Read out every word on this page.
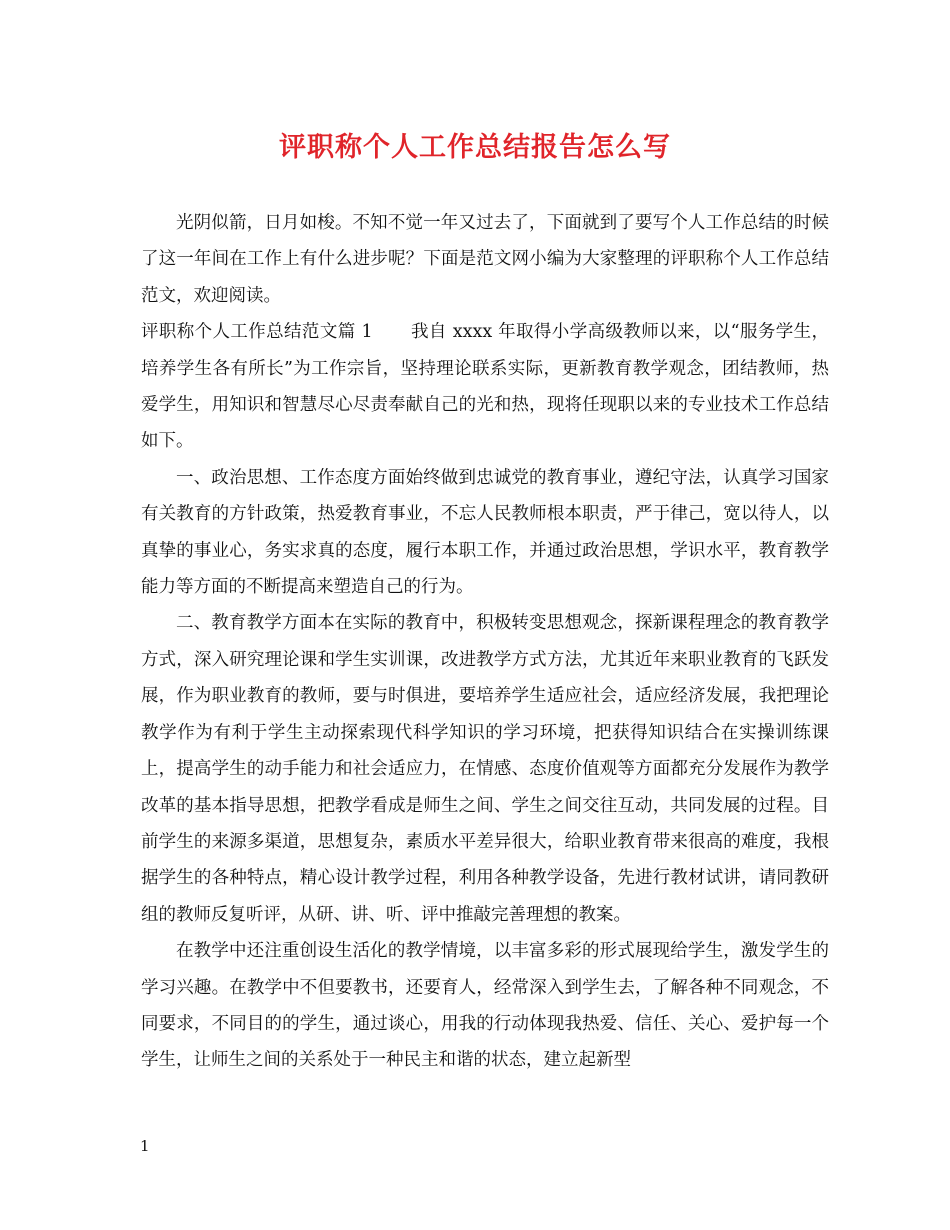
评职称个人工作总结报告怎么写

光阴似箭，日月如梭。不知不觉一年又过去了，下面就到了要写个人工作总结的时候了这一年间在工作上有什么进步呢？下面是范文网小编为大家整理的评职称个人工作总结范文，欢迎阅读。

评职称个人工作总结范文篇 1 我自 xxxx 年取得小学高级教师以来，以“服务学生，培养学生各有所长”为工作宗旨，坚持理论联系实际，更新教育教学观念，团结教师，热爱学生，用知识和智慧尽心尽责奉献自己的光和热，现将任现职以来的专业技术工作总结如下。

一、政治思想、工作态度方面始终做到忠诚党的教育事业，遵纪守法，认真学习国家有关教育的方针政策，热爱教育事业，不忘人民教师根本职责，严于律己，宽以待人，以真挚的事业心，务实求真的态度，履行本职工作，并通过政治思想，学识水平，教育教学能力等方面的不断提高来塑造自己的行为。

二、教育教学方面本在实际的教育中，积极转变思想观念，探新课程理念的教育教学方式，深入研究理论课和学生实训课，改进教学方式方法，尤其近年来职业教育的飞跃发展，作为职业教育的教师，要与时俱进，要培养学生适应社会，适应经济发展，我把理论教学作为有利于学生主动探索现代科学知识的学习环境，把获得知识结合在实操训练课上，提高学生的动手能力和社会适应力，在情感、态度价值观等方面都充分发展作为教学改革的基本指导思想，把教学看成是师生之间、学生之间交往互动，共同发展的过程。目前学生的来源多渠道，思想复杂，素质水平差异很大，给职业教育带来很高的难度，我根据学生的各种特点，精心设计教学过程，利用各种教学设备，先进行教材试讲，请同教研组的教师反复听评，从研、讲、听、评中推敲完善理想的教案。

在教学中还注重创设生活化的教学情境，以丰富多彩的形式展现给学生，激发学生的学习兴趣。在教学中不但要教书，还要育人，经常深入到学生去，了解各种不同观念，不同要求，不同目的的学生，通过谈心，用我的行动体现我热爱、信任、关心、爱护每一个学生，让师生之间的关系处于一种民主和谐的状态，建立起新型

1
